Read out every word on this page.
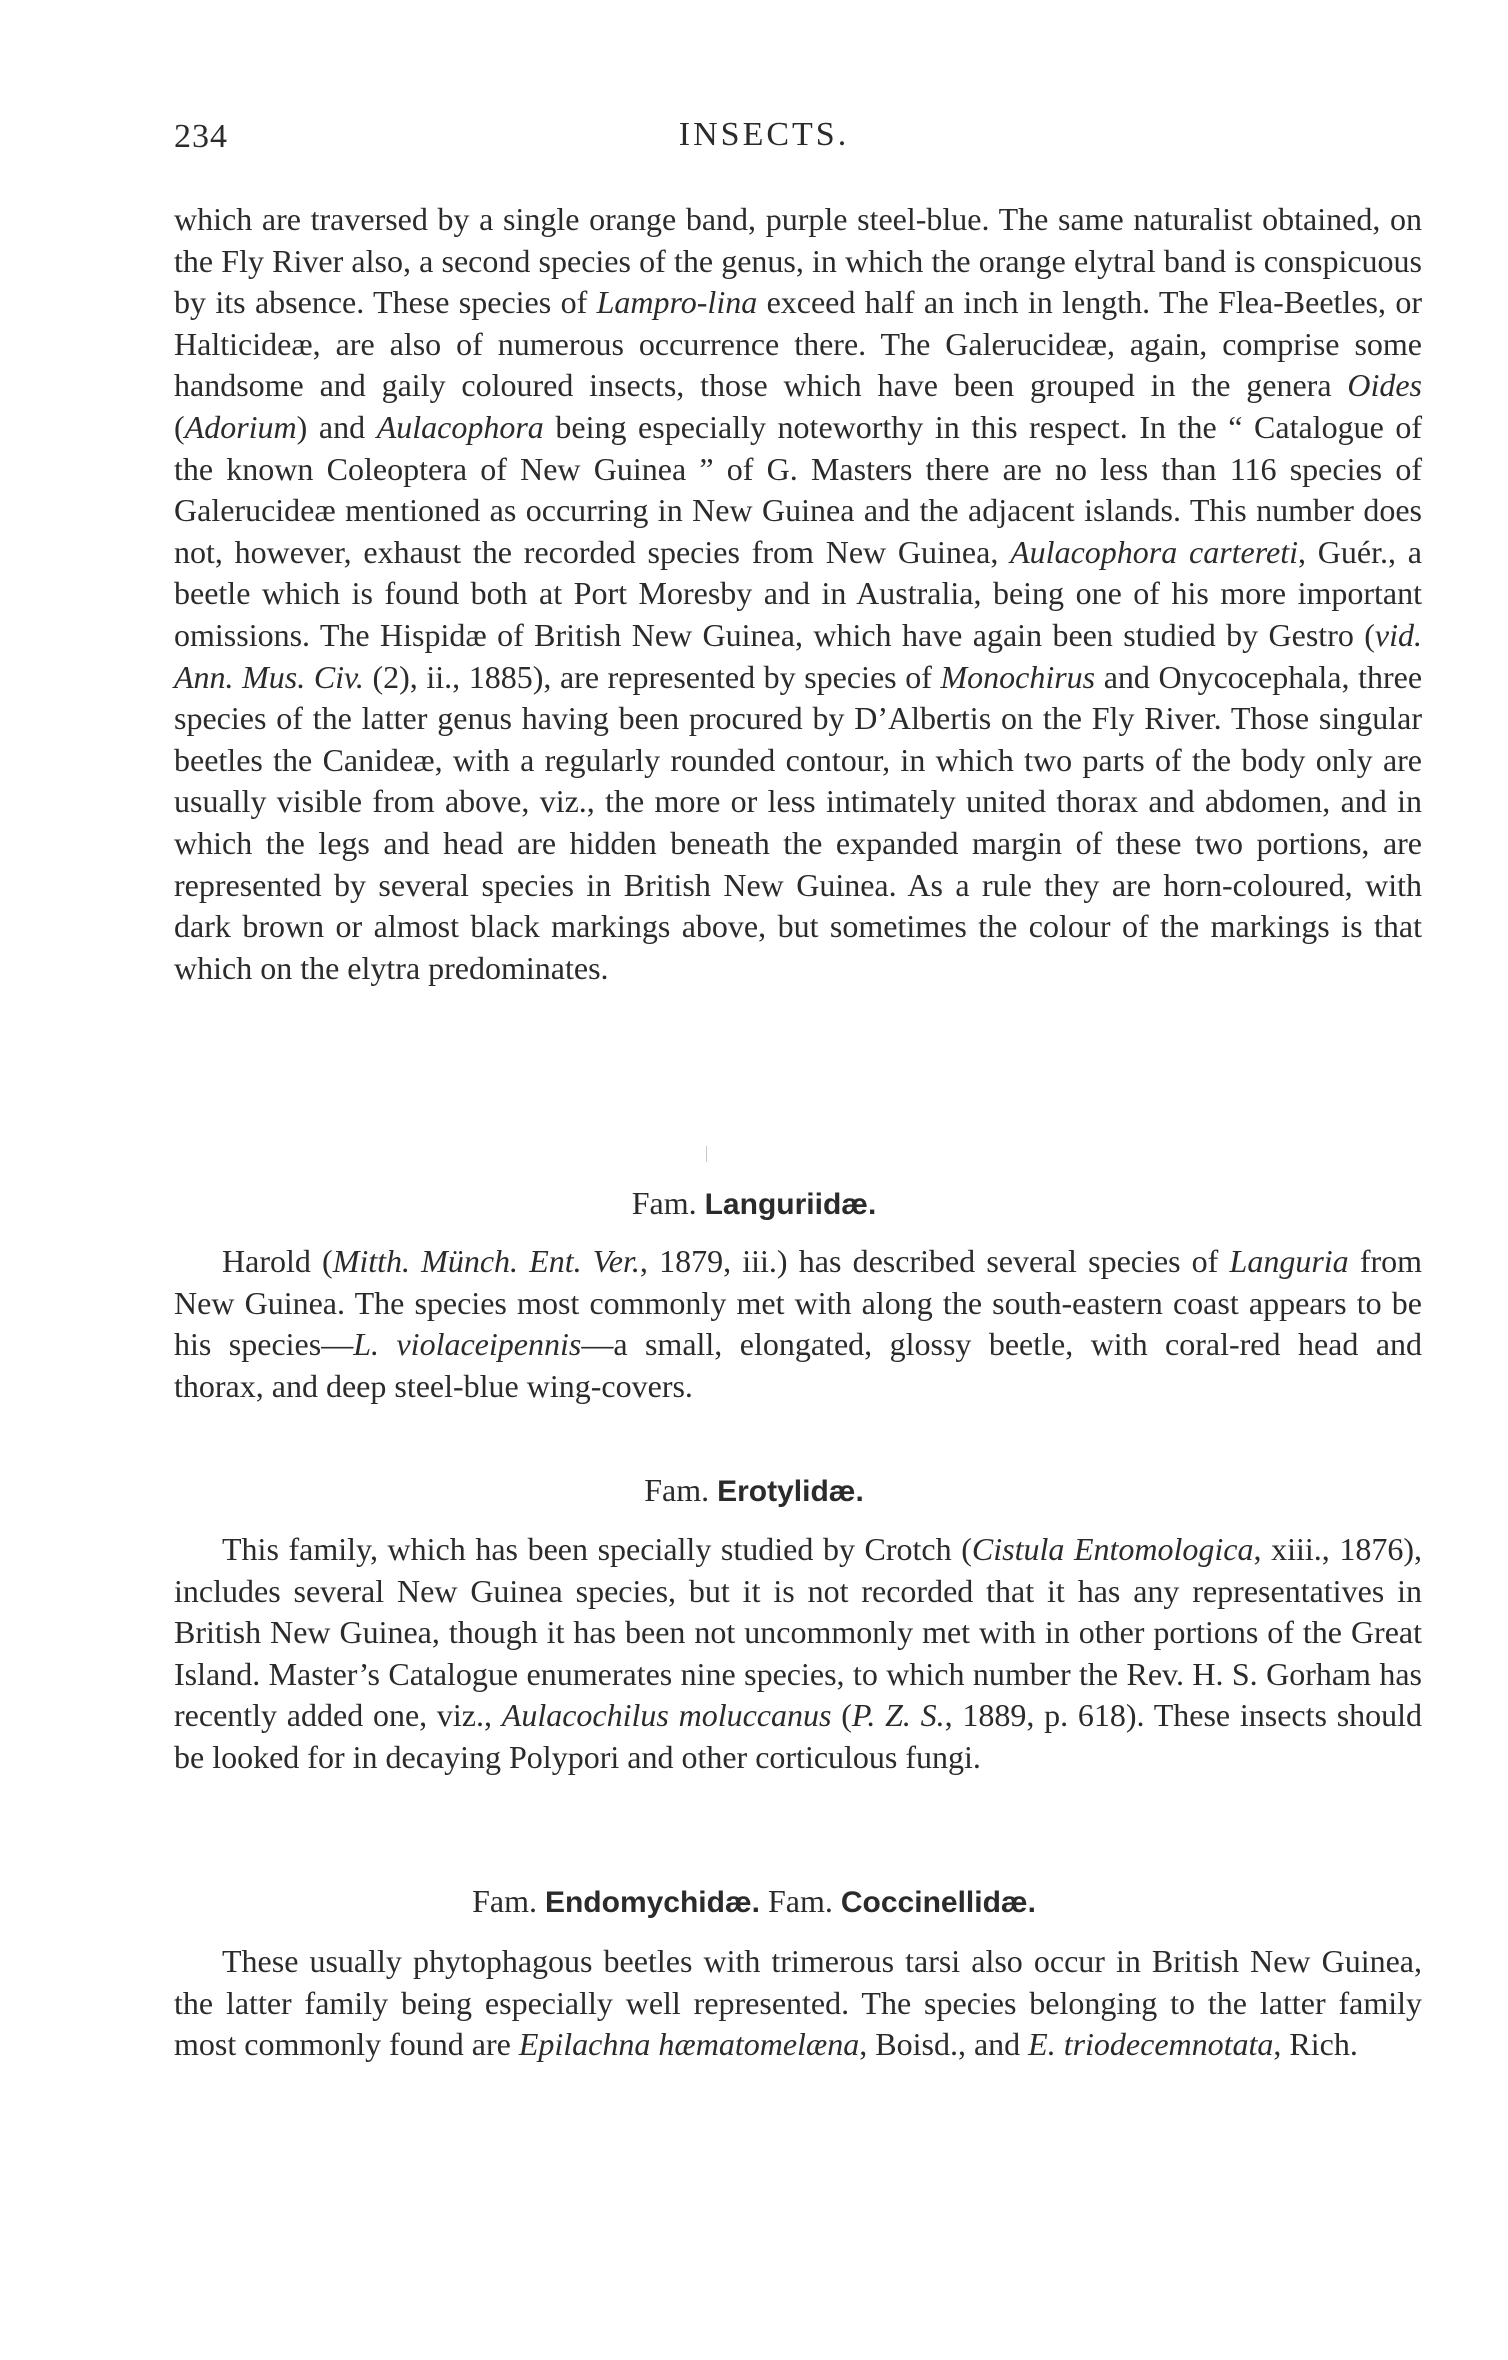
234	INSECTS.

which are traversed by a single orange band, purple steel-blue. The same naturalist obtained, on the Fly River also, a second species of the genus, in which the orange elytral band is conspicuous by its absence. These species of Lampro-lina exceed half an inch in length. The Flea-Beetles, or Halticideæ, are also of numerous occurrence there. The Galerucideæ, again, comprise some handsome and gaily coloured insects, those which have been grouped in the genera Oides (Adorium) and Aulacophora being especially noteworthy in this respect. In the “ Catalogue of the known Coleoptera of New Guinea ” of G. Masters there are no less than 116 species of Galerucideæ mentioned as occurring in New Guinea and the adjacent islands. This number does not, however, exhaust the recorded species from New Guinea, Aulacophora cartereti, Guér., a beetle which is found both at Port Moresby and in Australia, being one of his more important omissions. The Hispidæ of British New Guinea, which have again been studied by Gestro (vid. Ann. Mus. Civ. (2), ii., 1885), are represented by species of Monochirus and Onycocephala, three species of the latter genus having been procured by D’Albertis on the Fly River. Those singular beetles the Canideæ, with a regularly rounded contour, in which two parts of the body only are usually visible from above, viz., the more or less intimately united thorax and abdomen, and in which the legs and head are hidden beneath the expanded margin of these two portions, are represented by several species in British New Guinea. As a rule they are horn-coloured, with dark brown or almost black markings above, but sometimes the colour of the markings is that which on the elytra predominates.

Fam. Languriidæ.

Harold (Mitth. Münch. Ent. Ver., 1879, iii.) has described several species of Languria from New Guinea. The species most commonly met with along the south-eastern coast appears to be his species—L. violaceipennis—a small, elongated, glossy beetle, with coral-red head and thorax, and deep steel-blue wing-covers.

Fam. Erotylidæ.

This family, which has been specially studied by Crotch (Cistula Entomologica, xiii., 1876), includes several New Guinea species, but it is not recorded that it has any representatives in British New Guinea, though it has been not uncommonly met with in other portions of the Great Island. Master’s Catalogue enumerates nine species, to which number the Rev. H. S. Gorham has recently added one, viz., Aulacochilus moluccanus (P. Z. S., 1889, p. 618). These insects should be looked for in decaying Polypori and other corticulous fungi.

Fam. Endomychidæ. Fam. Coccinellidæ.

These usually phytophagous beetles with trimerous tarsi also occur in British New Guinea, the latter family being especially well represented. The species belonging to the latter family most commonly found are Epilachna hæmatomelæna, Boisd., and E. triodecemnotata, Rich.
